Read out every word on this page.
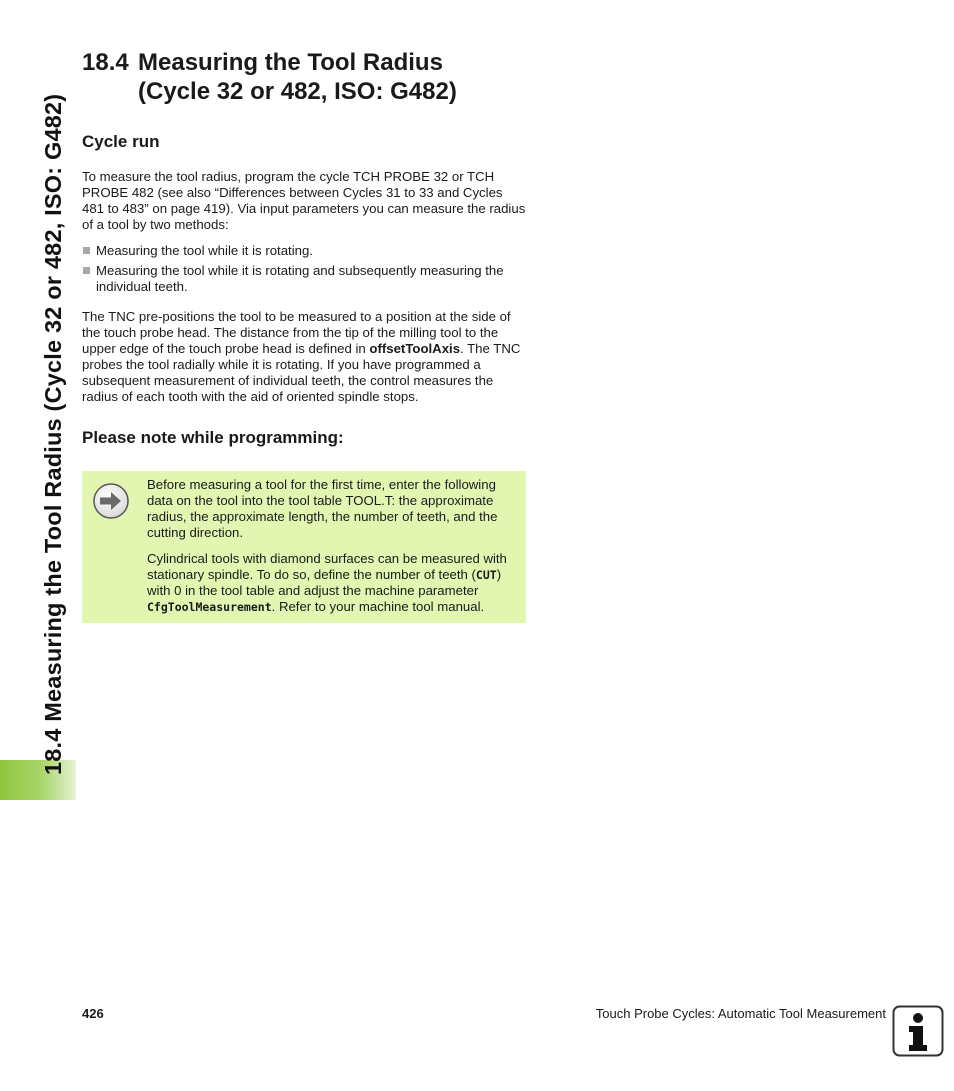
18.4 Measuring the Tool Radius (Cycle 32 or 482, ISO: G482)
18.4 Measuring the Tool Radius
(Cycle 32 or 482, ISO: G482)
Cycle run

To measure the tool radius, program the cycle TCH PROBE 32 or TCH PROBE 482 (see also “Differences between Cycles 31 to 33 and Cycles 481 to 483” on page 419). Via input parameters you can measure the radius of a tool by two methods:

Measuring the tool while it is rotating.
Measuring the tool while it is rotating and subsequently measuring the individual teeth.

The TNC pre-positions the tool to be measured to a position at the side of the touch probe head. The distance from the tip of the milling tool to the upper edge of the touch probe head is defined in offsetToolAxis. The TNC probes the tool radially while it is rotating. If you have programmed a subsequent measurement of individual teeth, the control measures the radius of each tooth with the aid of oriented spindle stops.

Please note while programming:

Before measuring a tool for the first time, enter the following data on the tool into the tool table TOOL.T: the approximate radius, the approximate length, the number of teeth, and the cutting direction.

Cylindrical tools with diamond surfaces can be measured with stationary spindle. To do so, define the number of teeth (CUT) with 0 in the tool table and adjust the machine parameter CfgToolMeasurement. Refer to your machine tool manual.

426	Touch Probe Cycles: Automatic Tool Measurement
